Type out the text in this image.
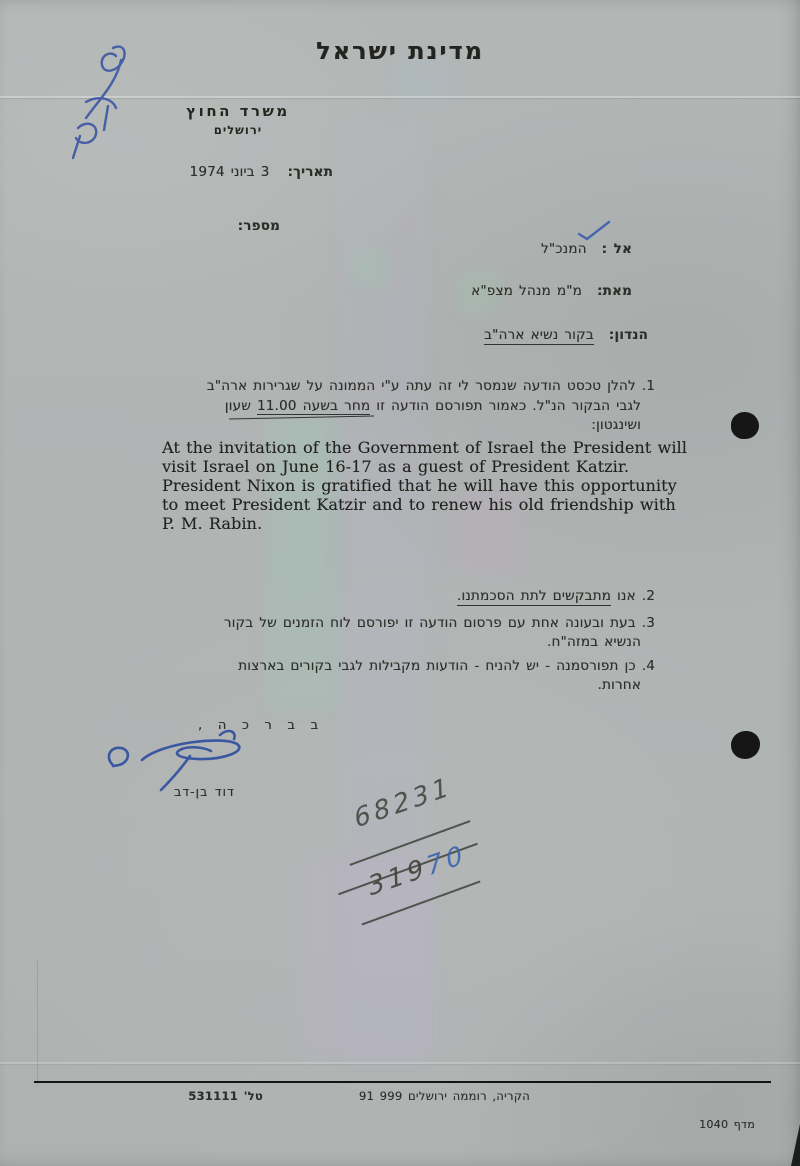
מדינת ישראל
משרד החוץ
ירושלים
תאריך: 3 ביוני 1974
מספר:
אל : המנכ"ל
מאת: מ"מ מנהל מצפ"א
הנדון: בקור נשיא ארה"ב
1. להלן טכסט הודעה שנמסר לי זה עתה ע"י הממונה על שגרירות ארה"ב
לגבי הבקור הנ"ל. כאמור תפורסם הודעה זו מחר בשעה 11.00 שעון
ושינגטון:
At the invitation of the Government of Israel the President will
visit Israel on June 16-17 as a guest of President Katzir.
President Nixon is gratified that he will have this opportunity
to meet President Katzir and to renew his old friendship with
P. M. Rabin.
2. אנו מתבקשים לתת הסכמתנו.
3. בעת ובעונה אחת עם פרסום הודעה זו יפורסם לוח הזמנים של בקור
הנשיא במזה"ח.
4. כן תפורסמנה - יש להניח - הודעות מקבילות לגבי בקורים בארצות
אחרות.
ב ב ר כ ה ,
דוד בן-דב	68231
31970
טל' 531111	הקריה, רוממה ירושלים 999 91
מדף 1040
